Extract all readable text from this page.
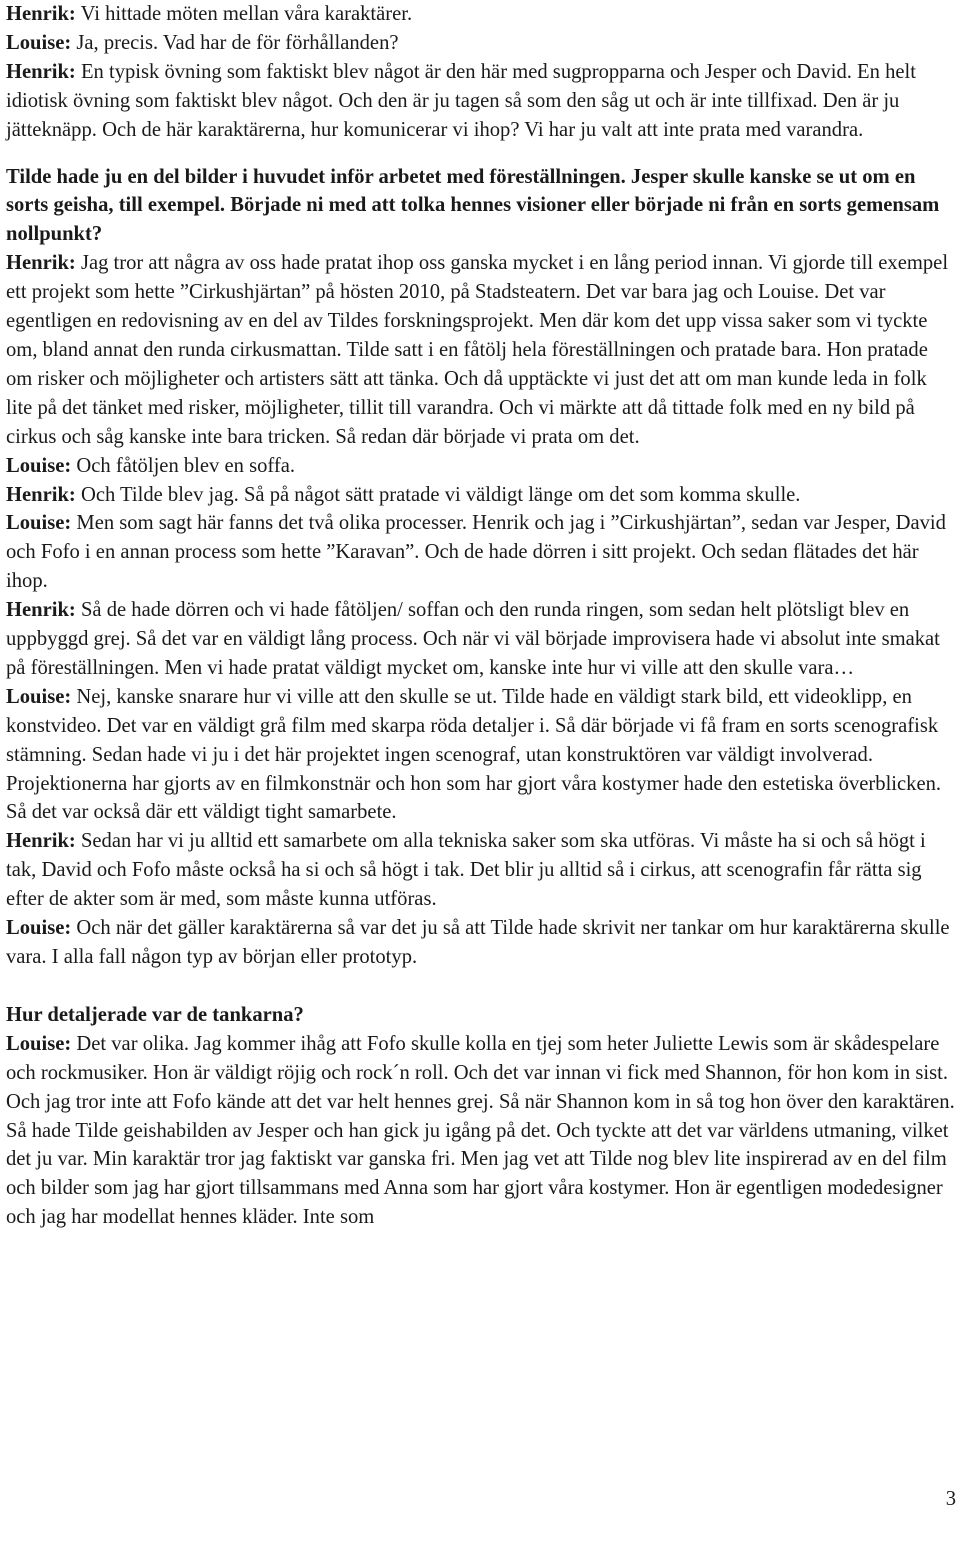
Henrik: Vi hittade möten mellan våra karaktärer.

Louise: Ja, precis. Vad har de för förhållanden?

Henrik: En typisk övning som faktiskt blev något är den här med sugpropparna och Jesper och David. En helt idiotisk övning som faktiskt blev något. Och den är ju tagen så som den såg ut och är inte tillfixad. Den är ju jätteknäpp. Och de här karaktärerna, hur komunicerar vi ihop? Vi har ju valt att inte prata med varandra.

Tilde hade ju en del bilder i huvudet inför arbetet med föreställningen. Jesper skulle kanske se ut om en sorts geisha, till exempel. Började ni med att tolka hennes visioner eller började ni från en sorts gemensam nollpunkt?

Henrik: Jag tror att några av oss hade pratat ihop oss ganska mycket i en lång period innan. Vi gjorde till exempel ett projekt som hette ”Cirkushjärtan” på hösten 2010, på Stadsteatern. Det var bara jag och Louise. Det var egentligen en redovisning av en del av Tildes forskningsprojekt. Men där kom det upp vissa saker som vi tyckte om, bland annat den runda cirkusmattan. Tilde satt i en fåtölj hela föreställningen och pratade bara. Hon pratade om risker och möjligheter och artisters sätt att tänka. Och då upptäckte vi just det att om man kunde leda in folk lite på det tänket med risker, möjligheter, tillit till varandra. Och vi märkte att då tittade folk med en ny bild på cirkus och såg kanske inte bara tricken. Så redan där började vi prata om det.

Louise: Och fåtöljen blev en soffa.

Henrik: Och Tilde blev jag. Så på något sätt pratade vi väldigt länge om det som komma skulle.

Louise: Men som sagt här fanns det två olika processer. Henrik och jag i ”Cirkushjärtan”, sedan var Jesper, David och Fofo i en annan process som hette ”Karavan”. Och de hade dörren i sitt projekt. Och sedan flätades det här ihop.

Henrik: Så de hade dörren och vi hade fåtöljen/ soffan och den runda ringen, som sedan helt plötsligt blev en uppbyggd grej. Så det var en väldigt lång process. Och när vi väl började improvisera hade vi absolut inte smakat på föreställningen. Men vi hade pratat väldigt mycket om, kanske inte hur vi ville att den skulle vara…

Louise: Nej, kanske snarare hur vi ville att den skulle se ut. Tilde hade en väldigt stark bild, ett videoklipp, en konstvideo. Det var en väldigt grå film med skarpa röda detaljer i. Så där började vi få fram en sorts scenografisk stämning. Sedan hade vi ju i det här projektet ingen scenograf, utan konstruktören var väldigt involverad. Projektionerna har gjorts av en filmkonstnär och hon som har gjort våra kostymer hade den estetiska överblicken. Så det var också där ett väldigt tight samarbete.

Henrik: Sedan har vi ju alltid ett samarbete om alla tekniska saker som ska utföras. Vi måste ha si och så högt i tak, David och Fofo måste också ha si och så högt i tak. Det blir ju alltid så i cirkus, att scenografin får rätta sig efter de akter som är med, som måste kunna utföras.

Louise: Och när det gäller karaktärerna så var det ju så att Tilde hade skrivit ner tankar om hur karaktärerna skulle vara. I alla fall någon typ av början eller prototyp.

Hur detaljerade var de tankarna?

Louise: Det var olika. Jag kommer ihåg att Fofo skulle kolla en tjej som heter Juliette Lewis som är skådespelare och rockmusiker. Hon är väldigt röjig och rock´n roll. Och det var innan vi fick med Shannon, för hon kom in sist. Och jag tror inte att Fofo kände att det var helt hennes grej. Så när Shannon kom in så tog hon över den karaktären. Så hade Tilde geishabilden av Jesper och han gick ju igång på det. Och tyckte att det var världens utmaning, vilket det ju var. Min karaktär tror jag faktiskt var ganska fri. Men jag vet att Tilde nog blev lite inspirerad av en del film och bilder som jag har gjort tillsammans med Anna som har gjort våra kostymer. Hon är egentligen modedesigner och jag har modellat hennes kläder. Inte som

3
